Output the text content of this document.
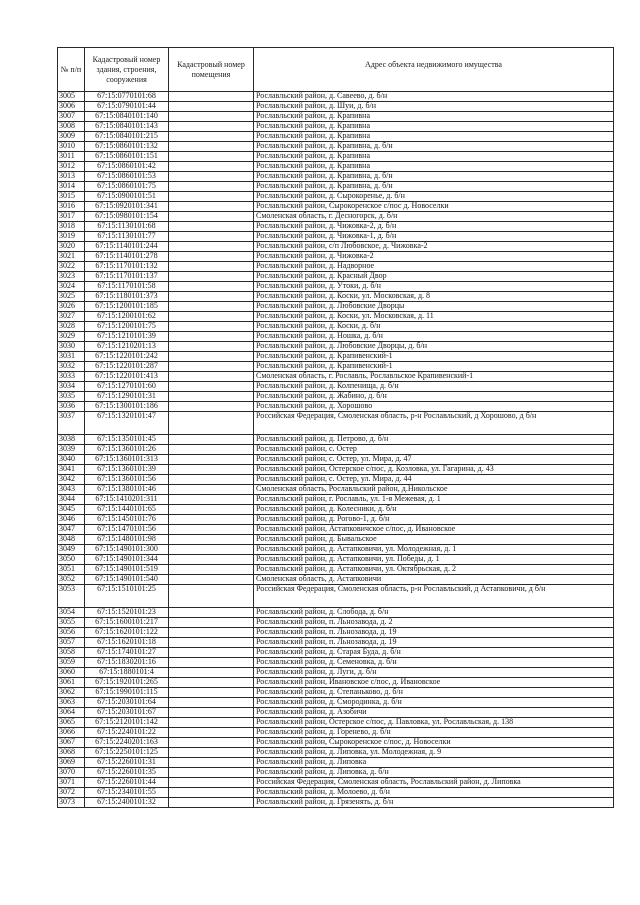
№ п/п	Кадастровый номер здания, строения, сооружения	Кадастровый номер помещения	Адрес объекта недвижимого имущества
3005	67:15:0770101:68		Рославльский район, д. Савеево, д. б/н
3006	67:15:0790101:44		Рославльский район, д. Шуи, д. б/н
3007	67:15:0840101:140		Рославльский район, д. Крапивна
3008	67:15:0840101:143		Рославльский район, д. Крапивна
3009	67:15:0840101:215		Рославльский район, д. Крапивна
3010	67:15:0860101:132		Рославльский район, д. Крапивна, д. б/н
3011	67:15:0860101:151		Рославльский район, д. Крапивна
3012	67:15:0860101:42		Рославльский район, д. Крапивна
3013	67:15:0860101:53		Рославльский район, д. Крапивна, д. б/н
3014	67:15:0860101:75		Рославльский район, д. Крапивна, д. б/н
3015	67:15:0900101:51		Рославльский район, д. Сырокоренье, д. б/н
3016	67:15:0920101:341		Рославльский район, Сырокоренское с/пос д. Новоселки
3017	67:15:0980101:154		Смоленская область, г. Десногорск, д. б/н
3018	67:15:1130101:68		Рославльский район, д. Чижовка-2, д. б/н
3019	67:15:1130101:77		Рославльский район, д. Чижовка-1, д. б/н
3020	67:15:1140101:244		Рославльский район, с/п Любовское, д. Чижовка-2
3021	67:15:1140101:278		Рославльский район, д. Чижовка-2
3022	67:15:1170101:132		Рославльский район, д. Надворное
3023	67:15:1170101:137		Рославльский район, д. Красный Двор
3024	67:15:1170101:58		Рославльский район, д. Утоки, д. б/н
3025	67:15:1180101:373		Рославльский район, д. Коски, ул. Московская, д. 8
3026	67:15:1200101:185		Рославльский район, д. Любовские Дворцы
3027	67:15:1200101:62		Рославльский район, д. Коски, ул. Московская, д. 11
3028	67:15:1200101:75		Рославльский район, д. Коски, д. б/н
3029	67:15:1210101:39		Рославльский район, д. Ношка, д. б/н
3030	67:15:1210201:13		Рославльский район, д. Любовские Дворцы, д. б/н
3031	67:15:1220101:242		Рославльский район, д. Крапивенский-1
3032	67:15:1220101:287		Рославльский район, д. Крапивенский-1
3033	67:15:1220101:413		Смоленская область, г. Рославль, Рославльское Крапивенский-1
3034	67:15:1270101:60		Рославльский район, д. Колпенища, д. б/н
3035	67:15:1290101:31		Рославльский район, д. Жабино, д. б/н
3036	67:15:1300101:186		Рославльский район, д. Хорошово
3037	67:15:1320101:47		Российская Федерация, Смоленская область, р-н Рославльский, д Хорошово, д б/н
3038	67:15:1350101:45		Рославльский район, д. Петрово, д. б/н
3039	67:15:1360101:26		Рославльский район, с. Остер
3040	67:15:1360101:313		Рославльский район, с. Остер, ул. Мира, д. 47
3041	67:15:1360101:39		Рославльский район, Остерское с/пос, д. Козловка, ул. Гагарина, д. 43
3042	67:15:1360101:56		Рославльский район, с. Остер, ул. Мира, д. 44
3043	67:15:1380101:46		Смоленская область, Рославльский район, д.Никольское
3044	67:15:1410201:311		Рославльский район, г. Рославль, ул. 1-я Межевая, д. 1
3045	67:15:1440101:65		Рославльский район, д. Колесники, д. б/н
3046	67:15:1450101:76		Рославльский район, д. Рогово-1, д. б/н
3047	67:15:1470101:56		Рославльский район, Астапковичское с/пос, д. Ивановское
3048	67:15:1480101:98		Рославльский район, д. Бывальское
3049	67:15:1490101:300		Рославльский район, д. Астапковичи, ул. Молодежная, д. 1
3050	67:15:1490101:344		Рославльский район, д. Астапковичи, ул. Победы, д. 1
3051	67:15:1490101:519		Рославльский район, д. Астапковичи, ул. Октябрьская, д. 2
3052	67:15:1490101:540		Смоленская область, д. Астапковичи
3053	67:15:1510101:25		Российская Федерация, Смоленская область, р-н Рославльский, д Астапковичи, д б/н
3054	67:15:1520101:23		Рославльский район, д. Слобода, д. б/н
3055	67:15:1600101:217		Рославльский район, п. Льнозавода, д. 2
3056	67:15:1620101:122		Рославльский район, п. Льнозавода, д. 19
3057	67:15:1620101:18		Рославльский район, п. Льнозавода, д. 19
3058	67:15:1740101:27		Рославльский район, д. Старая Буда, д. б/н
3059	67:15:1830201:16		Рославльский район, д. Семеновка, д. б/н
3060	67:15:1880101:4		Рославльский район, д. Луги, д. б/н
3061	67:15:1920101:265		Рославльский район, Ивановское с/пос, д. Ивановское
3062	67:15:1990101:115		Рославльский район, д. Степаньково, д. б/н
3063	67:15:2030101:64		Рославльский район, д. Смородинка, д. б/н
3064	67:15:2030101:67		Рославльский район, д. Азобичи
3065	67:15:2120101:142		Рославльский район, Остерское с/пос, д. Павловка, ул. Рославльская, д. 138
3066	67:15:2240101:22		Рославльский район, д. Горенево, д. б/н
3067	67:15:2240201:163		Рославльский район, Сырокоренское с/пос, д. Новоселки
3068	67:15:2250101:125		Рославльский район, д. Липовка, ул. Молодежная, д. 9
3069	67:15:2260101:31		Рославльский район, д. Липовка
3070	67:15:2260101:35		Рославльский район, д. Липовка, д. б/н
3071	67:15:2260101:44		Российская Федерация, Смоленская область, Рославльский район, д. Липовка
3072	67:15:2340101:55		Рославльский район, д. Молоево, д. б/н
3073	67:15:2400101:32		Рославльский район, д. Грязенять, д. б/н
